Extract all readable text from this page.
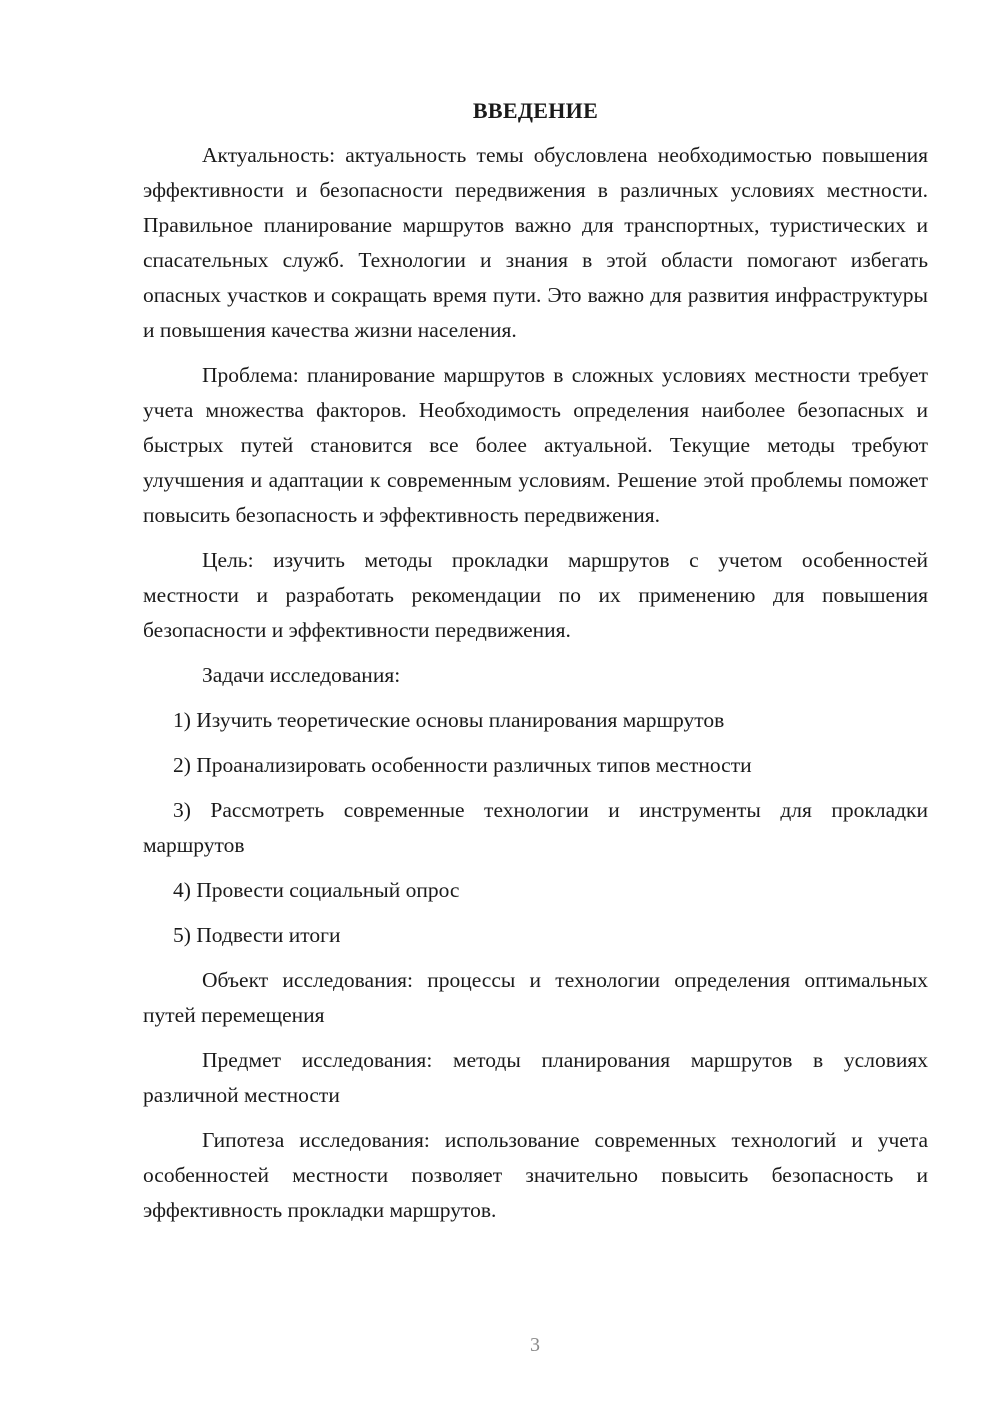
ВВЕДЕНИЕ

Актуальность: актуальность темы обусловлена необходимостью повышения эффективности и безопасности передвижения в различных условиях местности. Правильное планирование маршрутов важно для транспортных, туристических и спасательных служб. Технологии и знания в этой области помогают избегать опасных участков и сокращать время пути. Это важно для развития инфраструктуры и повышения качества жизни населения.

Проблема: планирование маршрутов в сложных условиях местности требует учета множества факторов. Необходимость определения наиболее безопасных и быстрых путей становится все более актуальной. Текущие методы требуют улучшения и адаптации к современным условиям. Решение этой проблемы поможет повысить безопасность и эффективность передвижения.

Цель: изучить методы прокладки маршрутов с учетом особенностей местности и разработать рекомендации по их применению для повышения безопасности и эффективности передвижения.

Задачи исследования:

1) Изучить теоретические основы планирования маршрутов

2) Проанализировать особенности различных типов местности

3) Рассмотреть современные технологии и инструменты для прокладки маршрутов

4) Провести социальный опрос

5) Подвести итоги

Объект исследования: процессы и технологии определения оптимальных путей перемещения

Предмет исследования: методы планирования маршрутов в условиях различной местности

Гипотеза исследования: использование современных технологий и учета особенностей местности позволяет значительно повысить безопасность и эффективность прокладки маршрутов.

3
